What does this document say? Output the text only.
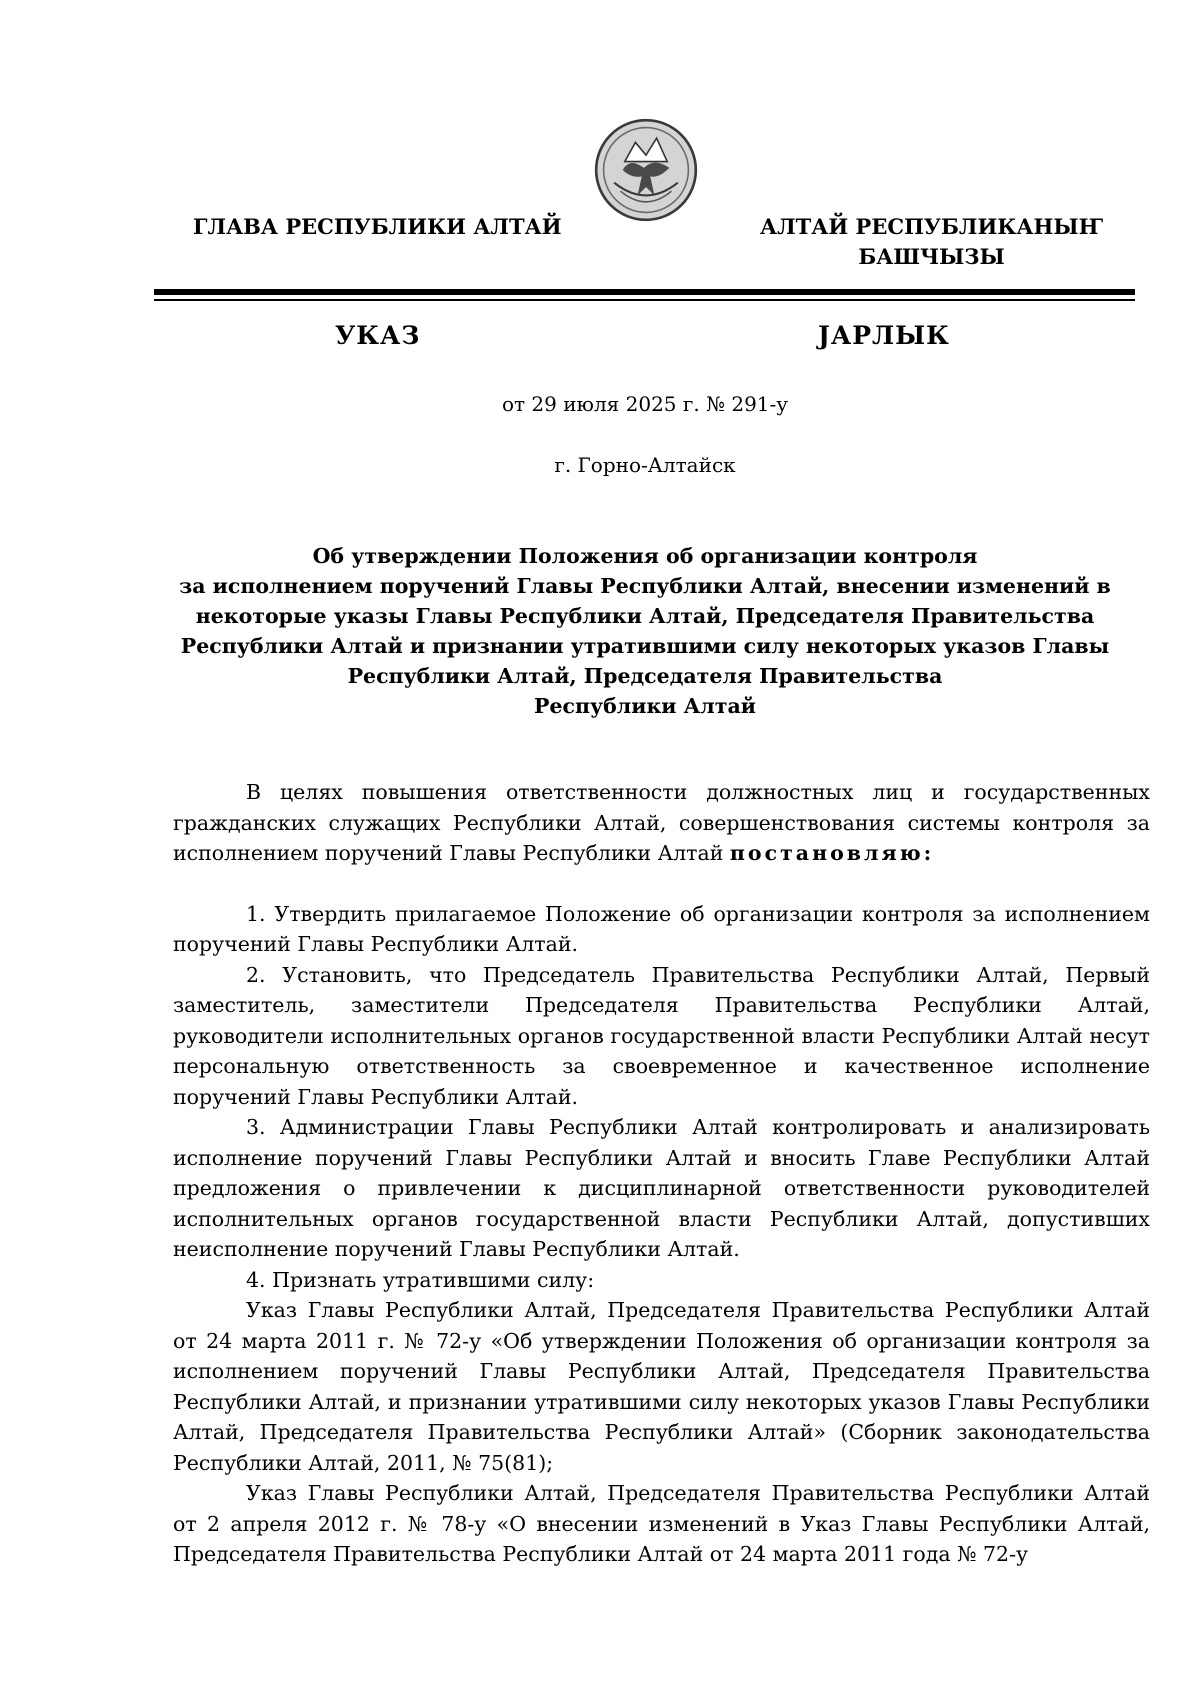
ГЛАВА РЕСПУБЛИКИ АЛТАЙ	АЛТАЙ РЕСПУБЛИКАНЫҤ
БАШЧЫЗЫ
УКАЗ	ЈАРЛЫК
от 29 июля 2025 г. № 291-у
г. Горно-Алтайск
Об утверждении Положения об организации контроля
за исполнением поручений Главы Республики Алтай, внесении изменений в
некоторые указы Главы Республики Алтай, Председателя Правительства
Республики Алтай и признании утратившими силу некоторых указов Главы
Республики Алтай, Председателя Правительства
Республики Алтай

В целях повышения ответственности должностных лиц и государственных гражданских служащих Республики Алтай, совершенствования системы контроля за исполнением поручений Главы Республики Алтай постановляю:

1. Утвердить прилагаемое Положение об организации контроля за исполнением поручений Главы Республики Алтай.

2. Установить, что Председатель Правительства Республики Алтай, Первый заместитель, заместители Председателя Правительства Республики Алтай, руководители исполнительных органов государственной власти Республики Алтай несут персональную ответственность за своевременное и качественное исполнение поручений Главы Республики Алтай.

3. Администрации Главы Республики Алтай контролировать и анализировать исполнение поручений Главы Республики Алтай и вносить Главе Республики Алтай предложения о привлечении к дисциплинарной ответственности руководителей исполнительных органов государственной власти Республики Алтай, допустивших неисполнение поручений Главы Республики Алтай.

4. Признать утратившими силу:

Указ Главы Республики Алтай, Председателя Правительства Республики Алтай от 24 марта 2011 г. № 72-у «Об утверждении Положения об организации контроля за исполнением поручений Главы Республики Алтай, Председателя Правительства Республики Алтай, и признании утратившими силу некоторых указов Главы Республики Алтай, Председателя Правительства Республики Алтай» (Сборник законодательства Республики Алтай, 2011, № 75(81);

Указ Главы Республики Алтай, Председателя Правительства Республики Алтай от 2 апреля 2012 г. № 78-у «О внесении изменений в Указ Главы Республики Алтай, Председателя Правительства Республики Алтай от 24 марта 2011 года № 72-у
